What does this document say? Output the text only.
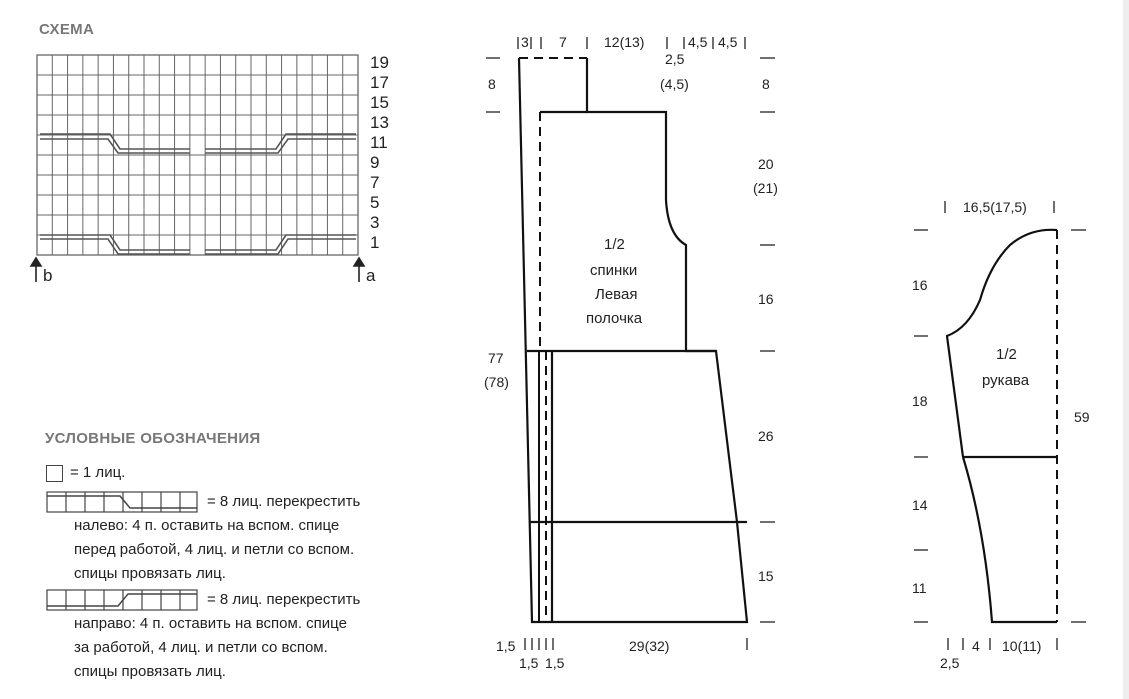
СХЕМА
19
17
15
13
11
9
7
5
3
1
b	a
УСЛОВНЫЕ ОБОЗНАЧЕНИЯ
= 1 лиц.
= 8 лиц. перекрестить
налево: 4 п. оставить на вспом. спице
перед работой, 4 лиц. и петли со вспом.
спицы провязать лиц.
= 8 лиц. перекрестить
направо: 4 п. оставить на вспом. спице
за работой, 4 лиц. и петли со вспом.
спицы провязать лиц.
3 7	12(13)	4,5 4,5
2,5
(4,5)
8	8
20
(21)
1/2
спинки
Левая
полочка
16
77
(78)
26
15
1,5
1,5 1,5
29(32)
16,5(17,5)
16
18
14
11
59
1/2
рукава
2,5
4 10(11)
